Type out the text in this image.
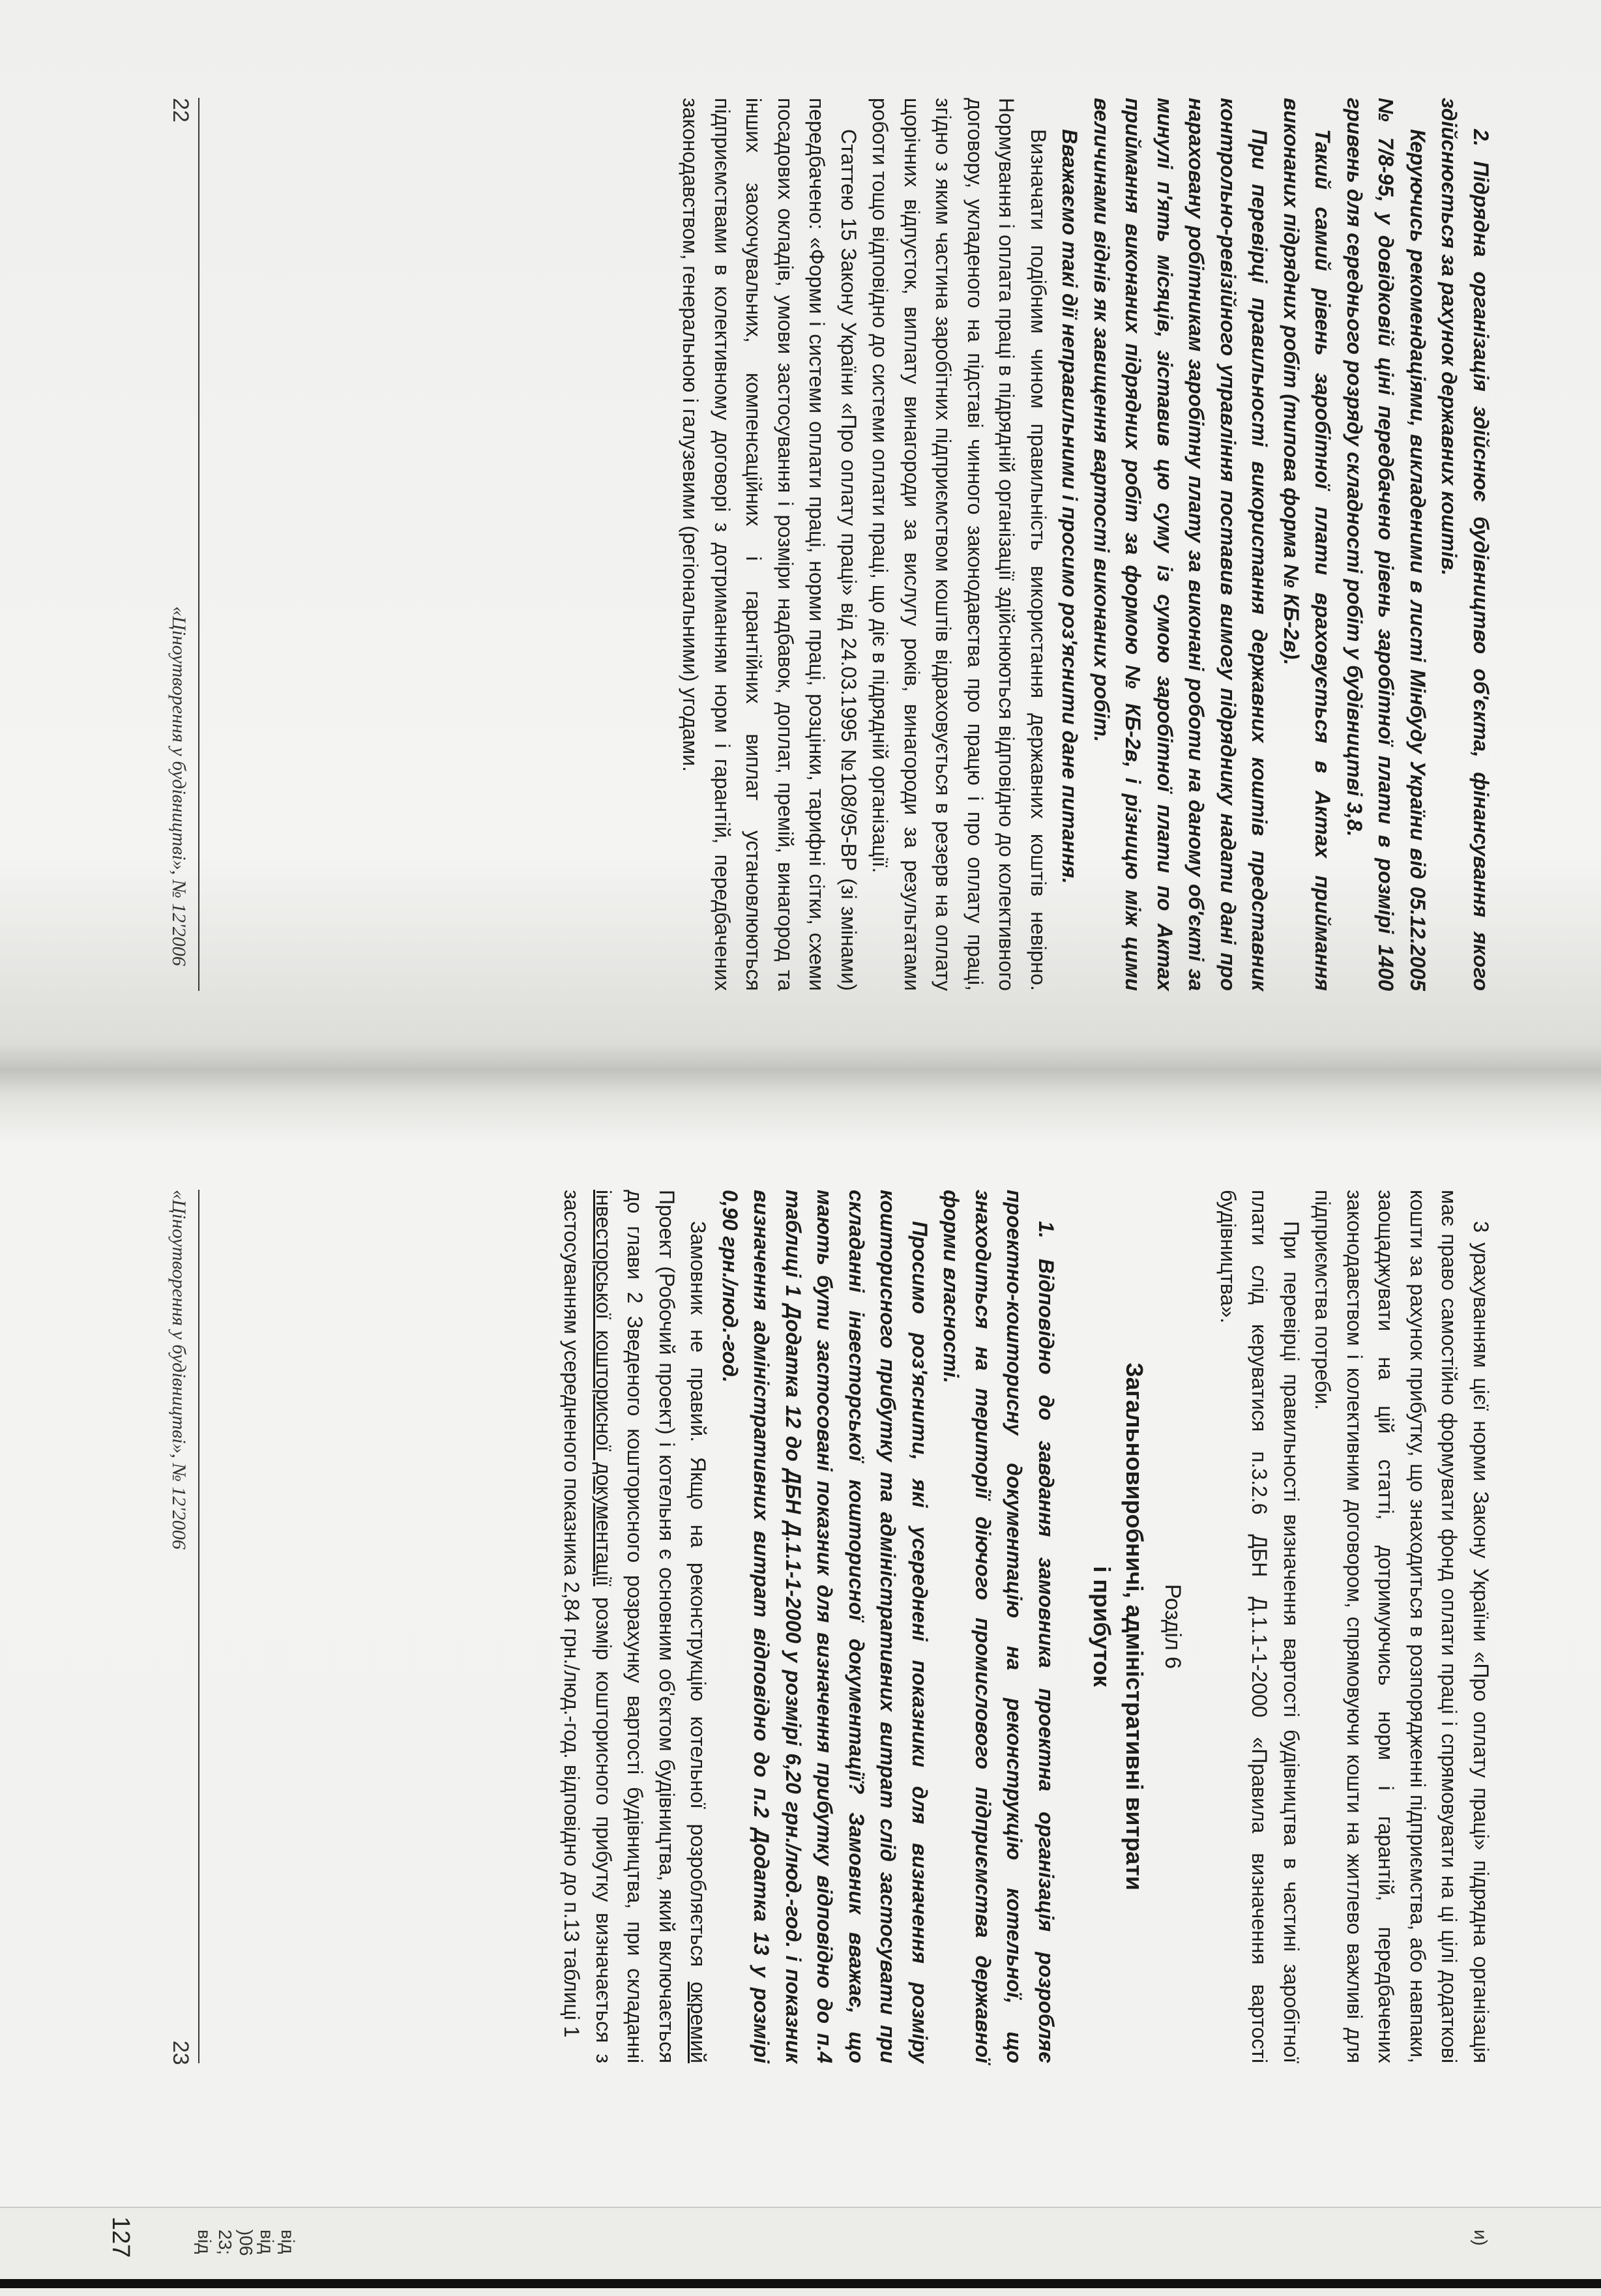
2. Підрядна організація здійснює будівництво об'єкта, фінансування якого здійснюється за рахунок державних коштів.

Керуючись рекомендаціями, викладеними в листі Мінбуду України від 05.12.2005 № 7/8-95, у довідковій ціні передбачено рівень заробітної плати в розмірі 1400 гривень для середнього розряду складності робіт у будівництві 3,8.

Такий самий рівень заробітної плати враховується в Актах приймання виконаних підрядних робіт (типова форма № КБ-2в).

При перевірці правильності використання державних коштів представник контрольно-ревізійного управління поставив вимогу підряднику надати дані про нараховану робітникам заробітну плату за виконані роботи на даному об'єкті за минулі п'ять місяців, зіставив цю суму із сумою заробітної плати по Актах приймання виконаних підрядних робіт за формою № КБ-2в, і різницю між цими величинами віднів як завищення вартості виконаних робіт.

Вважаємо такі дії неправильними і просимо роз'яснити дане питання.

Визначати подібним чином правильність використання державних коштів невірно. Нормування і оплата праці в підрядній організації здійснюються відповідно до колективного договору, укладеного на підставі чинного законодавства про працю і про оплату праці, згідно з яким частина заробітних підприємством коштів відраховується в резерв на оплату щорічних відпусток, виплату винагороди за вислугу років, винагороди за результатами роботи тощо відповідно до системи оплати праці, що діє в підрядній організації.

Статтею 15 Закону України «Про оплату праці» від 24.03.1995 №108/95-ВР (зі змінами) передбачено: «Форми і системи оплати праці, норми праці, розцінки, тарифні сітки, схеми посадових окладів, умови застосування і розміри надбавок, доплат, премій, винагород та інших заохочувальних, компенсаційних і гарантійних виплат установлюються підприємствами в колективному договорі з дотриманням норм і гарантій, передбачених законодавством, генеральною і галузевими (регіональними) угодами.

22
«Ціноутворення у будівництві», № 12'2006

3 урахуванням цієї норми Закону України «Про оплату праці» підрядна організація має право самостійно формувати фонд оплати праці і спрямовувати на ці цілі додаткові кошти за рахунок прибутку, що знаходиться в розпорядженні підприємства, або навпаки, заощаджувати на цій статті, дотримуючись норм і гарантій, передбачених законодавством і колективним договором, спрямовуючи кошти на житлево важливі для підприємства потреби.

При перевірці правильності визначення вартості будівництва в частині заробітної плати слід керуватися п.3.2.6 ДБН Д.1.1-1-2000 «Правила визначення вартості будівництва».

Розділ 6
Загальновиробничі, адміністративні витрати
і прибуток

1. Відповідно до завдання замовника проектна організація розробляє проектно-кошторисну документацію на реконструкцію котельної, що знаходиться на території діючого промислового підприємства державної форми власності.

Просимо роз'яснити, які усереднені показники для визначення розміру кошторисного прибутку та адміністративних витрат слід застосувати при складанні інвесторської кошторисної документації? Замовник вважає, що мають бути застосовані показник для визначення прибутку відповідно до п.4 таблиці 1 Додатка 12 до ДБН Д.1.1-1-2000 у розмірі 6,20 грн./люд.-год. і показник визначення адміністративних витрат відповідно до п.2 Додатка 13 у розмірі 0,90 грн./люд.-год.

Замовник не правий. Якщо на реконструкцію котельної розробляється окремий Проект (Робочий проект) і котельня є основним об'єктом будівництва, який включається до глави 2 Зведеного кошторисного розрахунку вартості будівництва, при складанні інвесторської кошторисної документації розмір кошторисного прибутку визначається з застосуванням усередненого показника 2,84 грн./люд.-год. відповідно до п.13 таблиці 1

«Ціноутворення у будівництві», № 12'2006
23
и)
від
від
)06
23;
від
127
